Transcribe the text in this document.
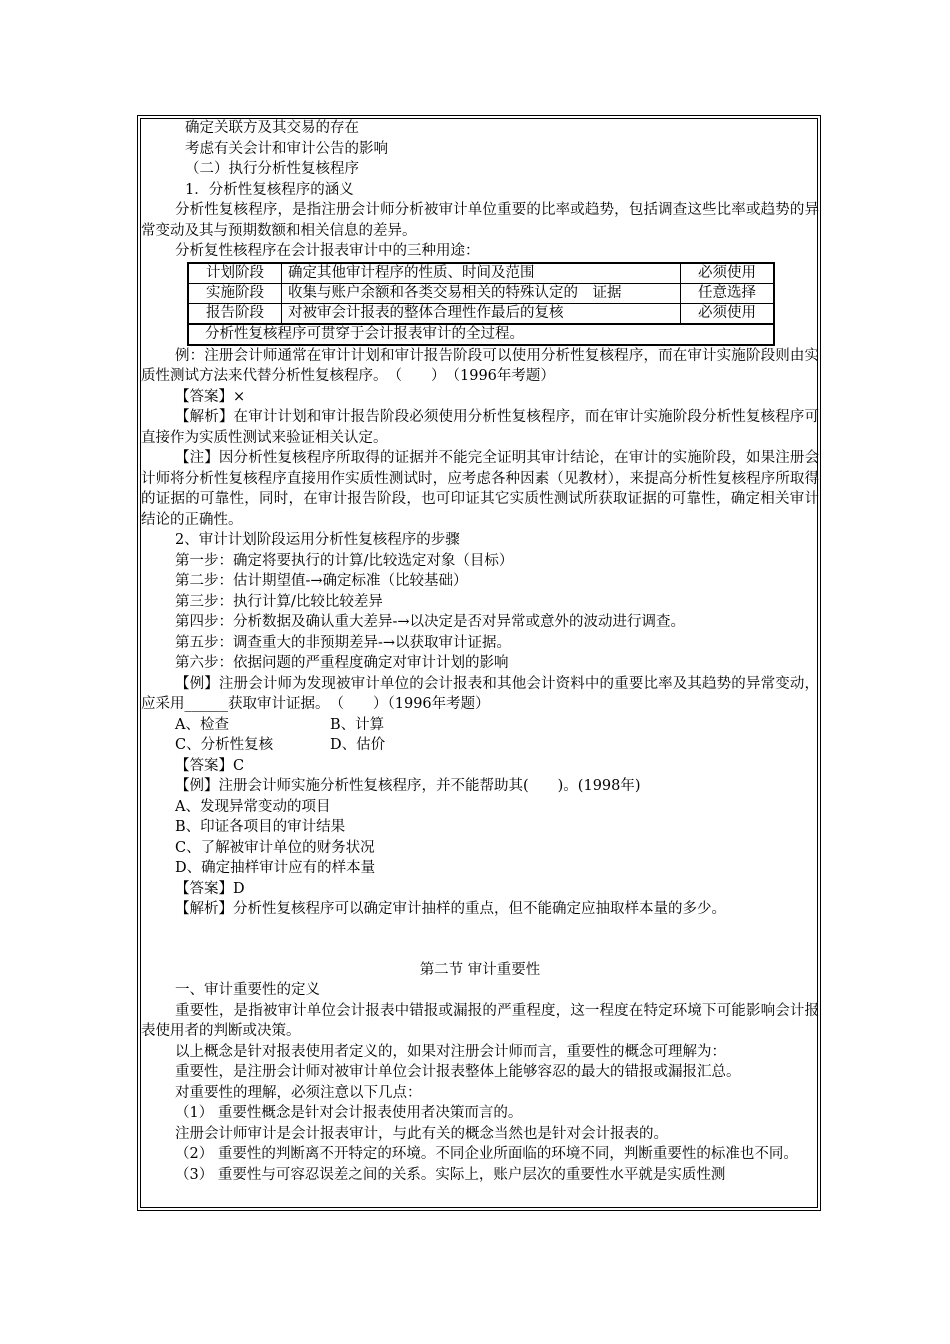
确定关联方及其交易的存在

考虑有关会计和审计公告的影响

（二）执行分析性复核程序

1．分析性复核程序的涵义

分析性复核程序，是指注册会计师分析被审计单位重要的比率或趋势，包括调查这些比率或趋势的异常变动及其与预期数额和相关信息的差异。

分析复性核程序在会计报表审计中的三种用途：

计划阶段	确定其他审计程序的性质、时间及范围	必须使用
实施阶段	收集与账户余额和各类交易相关的特殊认定的　证据	任意选择
报告阶段	对被审会计报表的整体合理性作最后的复核	必须使用
分析性复核程序可贯穿于会计报表审计的全过程。		

例：注册会计师通常在审计计划和审计报告阶段可以使用分析性复核程序，而在审计实施阶段则由实质性测试方法来代替分析性复核程序。　（　　）　（1996年考题）

【答案】×

【解析】在审计计划和审计报告阶段必须使用分析性复核程序，而在审计实施阶段分析性复核程序可直接作为实质性测试来验证相关认定。

【注】因分析性复核程序所取得的证据并不能完全证明其审计结论，在审计的实施阶段，如果注册会计师将分析性复核程序直接用作实质性测试时，应考虑各种因素（见教材），来提高分析性复核程序所取得的证据的可靠性，同时，在审计报告阶段，也可印证其它实质性测试所获取证据的可靠性，确定相关审计结论的正确性。

2、审计计划阶段运用分析性复核程序的步骤

第一步：确定将要执行的计算/比较选定对象（目标）

第二步：估计期望值-→确定标准（比较基础）

第三步：执行计算/比较比较差异

第四步：分析数据及确认重大差异-→以决定是否对异常或意外的波动进行调查。

第五步：调查重大的非预期差异-→以获取审计证据。

第六步：依据问题的严重程度确定对审计计划的影响

【例】注册会计师为发现被审计单位的会计报表和其他会计资料中的重要比率及其趋势的异常变动，应采用______获取审计证据。　（　　）（1996年考题）

A、检查	B、计算

C、分析性复核	D、估价

【答案】C

【例】注册会计师实施分析性复核程序，并不能帮助其(　　)。(1998年)

A、发现异常变动的项目

B、印证各项目的审计结果

C、了解被审计单位的财务状况

D、确定抽样审计应有的样本量

【答案】D

【解析】分析性复核程序可以确定审计抽样的重点，但不能确定应抽取样本量的多少。

第二节 审计重要性

一、审计重要性的定义

重要性，是指被审计单位会计报表中错报或漏报的严重程度，这一程度在特定环境下可能影响会计报表使用者的判断或决策。

以上概念是针对报表使用者定义的，如果对注册会计师而言，重要性的概念可理解为：

重要性，是注册会计师对被审计单位会计报表整体上能够容忍的最大的错报或漏报汇总。

对重要性的理解，必须注意以下几点：

（1） 重要性概念是针对会计报表使用者决策而言的。

注册会计师审计是会计报表审计，与此有关的概念当然也是针对会计报表的。

（2） 重要性的判断离不开特定的环境。不同企业所面临的环境不同，判断重要性的标准也不同。

（3） 重要性与可容忍误差之间的关系。实际上，账户层次的重要性水平就是实质性测
